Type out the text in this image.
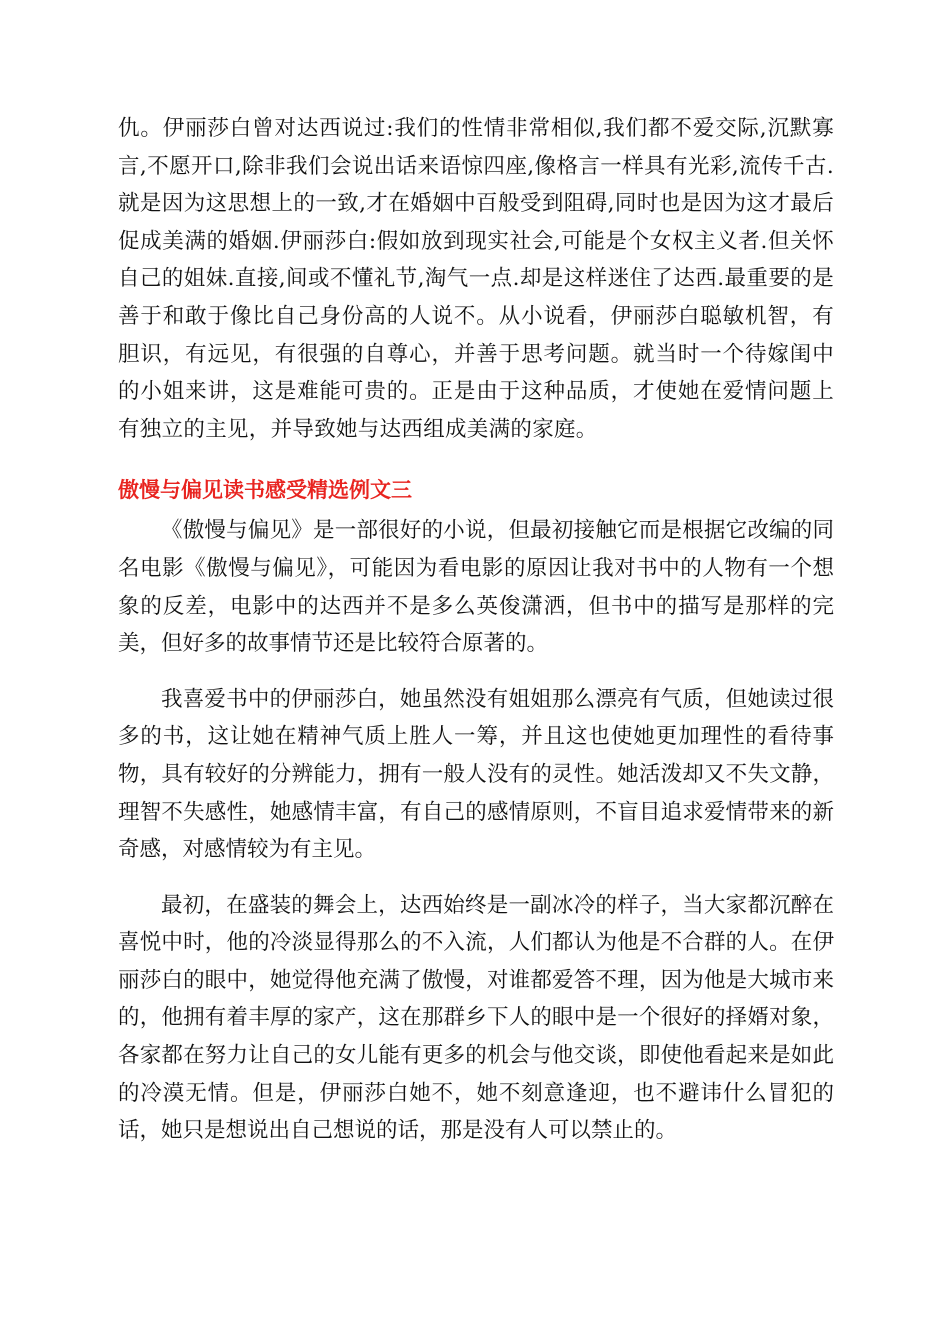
仇。伊丽莎白曾对达西说过:我们的性情非常相似,我们都不爱交际,沉默寡言,不愿开口,除非我们会说出话来语惊四座,像格言一样具有光彩,流传千古.就是因为这思想上的一致,才在婚姻中百般受到阻碍,同时也是因为这才最后促成美满的婚姻.伊丽莎白:假如放到现实社会,可能是个女权主义者.但关怀自己的姐妹.直接,间或不懂礼节,淘气一点.却是这样迷住了达西.最重要的是善于和敢于像比自己身份高的人说不。从小说看，伊丽莎白聪敏机智，有胆识，有远见，有很强的自尊心，并善于思考问题。就当时一个待嫁闺中的小姐来讲，这是难能可贵的。正是由于这种品质，才使她在爱情问题上有独立的主见，并导致她与达西组成美满的家庭。

傲慢与偏见读书感受精选例文三

《傲慢与偏见》是一部很好的小说，但最初接触它而是根据它改编的同名电影《傲慢与偏见》，可能因为看电影的原因让我对书中的人物有一个想象的反差，电影中的达西并不是多么英俊潇洒，但书中的描写是那样的完美，但好多的故事情节还是比较符合原著的。

我喜爱书中的伊丽莎白，她虽然没有姐姐那么漂亮有气质，但她读过很多的书，这让她在精神气质上胜人一筹，并且这也使她更加理性的看待事物，具有较好的分辨能力，拥有一般人没有的灵性。她活泼却又不失文静，理智不失感性，她感情丰富，有自己的感情原则，不盲目追求爱情带来的新奇感，对感情较为有主见。

最初，在盛装的舞会上，达西始终是一副冰冷的样子，当大家都沉醉在喜悦中时，他的冷淡显得那么的不入流，人们都认为他是不合群的人。在伊丽莎白的眼中，她觉得他充满了傲慢，对谁都爱答不理，因为他是大城市来的，他拥有着丰厚的家产，这在那群乡下人的眼中是一个很好的择婿对象，各家都在努力让自己的女儿能有更多的机会与他交谈，即使他看起来是如此的冷漠无情。但是，伊丽莎白她不，她不刻意逢迎，也不避讳什么冒犯的话，她只是想说出自己想说的话，那是没有人可以禁止的。
